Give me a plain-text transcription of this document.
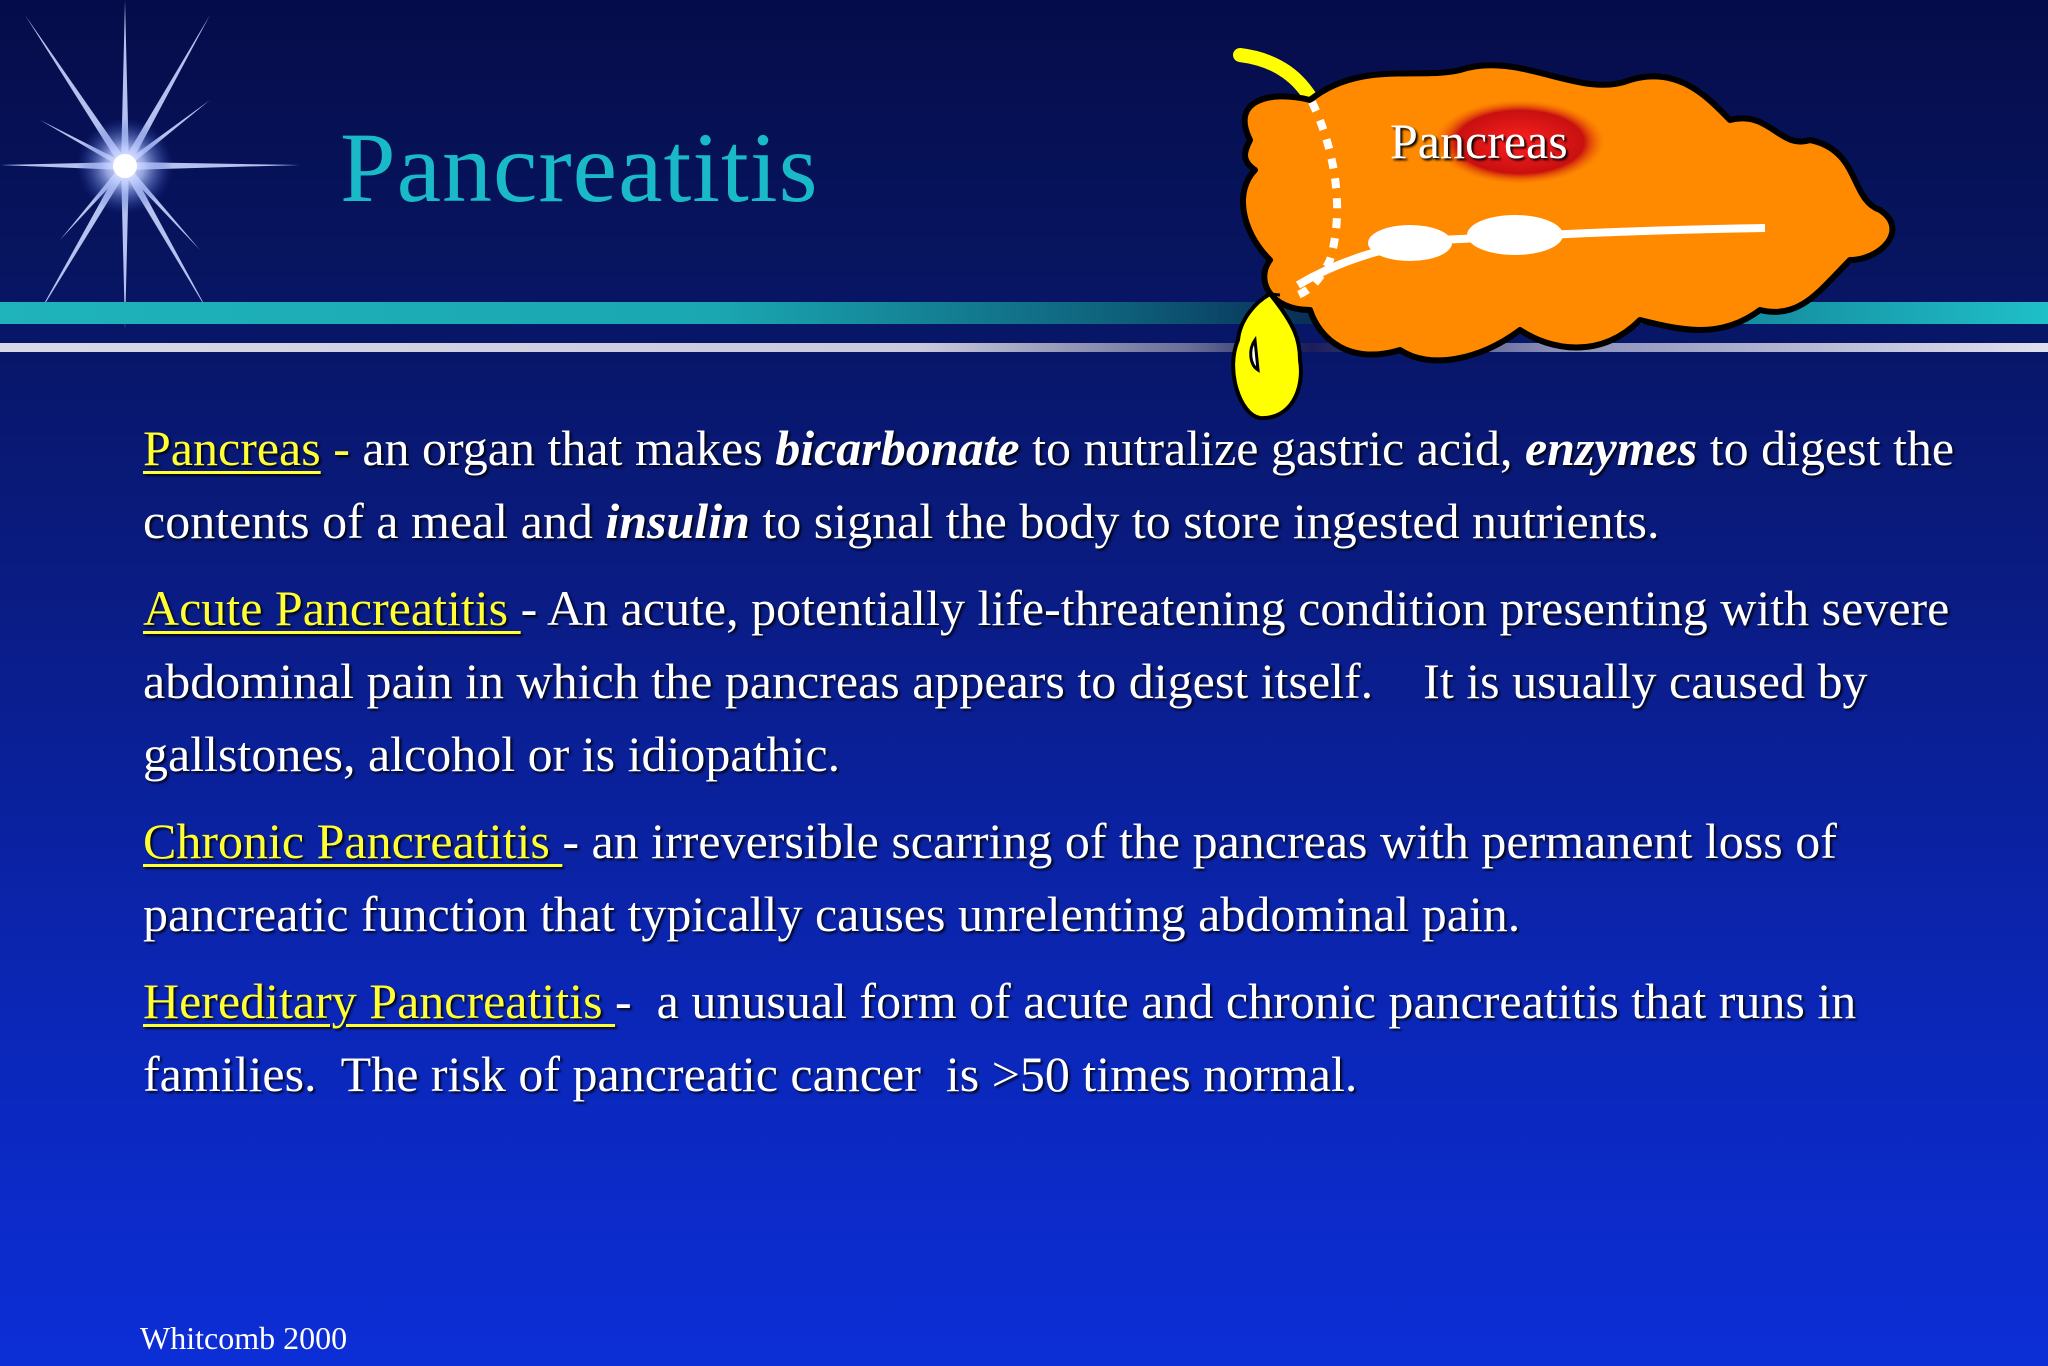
Pancreatitis	Pancreas

Pancreas - an organ that makes bicarbonate to nutralize gastric acid, enzymes to digest the contents of a meal and insulin to signal the body to store ingested nutrients.

Acute Pancreatitis - An acute, potentially life-threatening condition presenting with severe abdominal pain in which the pancreas appears to digest itself.    It is usually caused by gallstones, alcohol or is idiopathic.

Chronic Pancreatitis - an irreversible scarring of the pancreas with permanent loss of pancreatic function that typically causes unrelenting abdominal pain.

Hereditary Pancreatitis -  a unusual form of acute and chronic pancreatitis that runs in families.  The risk of pancreatic cancer  is >50 times normal.

Whitcomb 2000
